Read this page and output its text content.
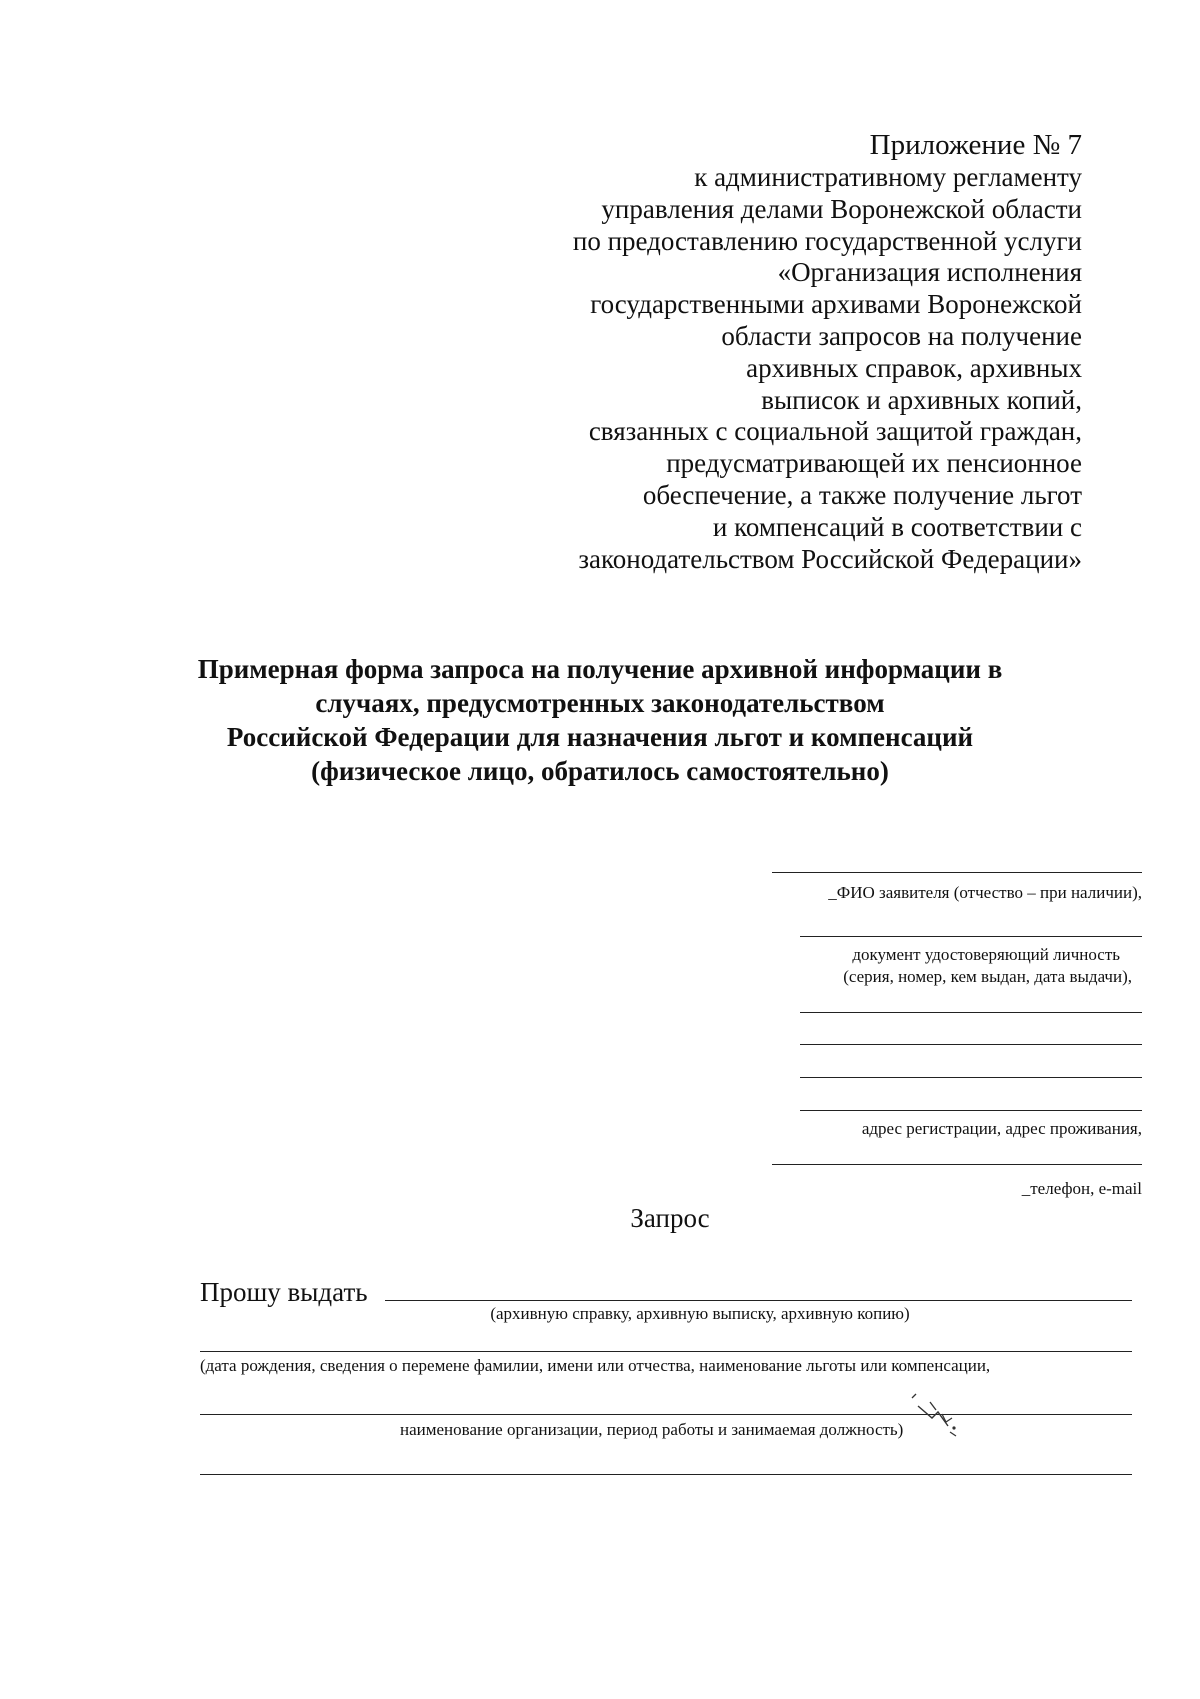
Приложение № 7
к административному регламенту
управления делами Воронежской области
по предоставлению государственной услуги
«Организация исполнения
государственными архивами Воронежской
области запросов на получение
архивных справок, архивных
выписок и архивных копий,
связанных с социальной защитой граждан,
предусматривающей их пенсионное
обеспечение, а также получение льгот
и компенсаций в соответствии с
законодательством Российской Федерации»
Примерная форма запроса на получение архивной информации в
случаях, предусмотренных законодательством
Российской Федерации для назначения льгот и компенсаций
(физическое лицо, обратилось самостоятельно)
_ФИО заявителя (отчество – при наличии),
документ удостоверяющий личность
(серия, номер, кем выдан, дата выдачи),
адрес регистрации, адрес проживания,
_телефон, e-mail
Запрос
Прошу выдать
(архивную справку, архивную выписку, архивную копию)
(дата рождения, сведения о перемене фамилии, имени или отчества, наименование льготы или компенсации,
наименование организации, период работы и занимаемая должность)
